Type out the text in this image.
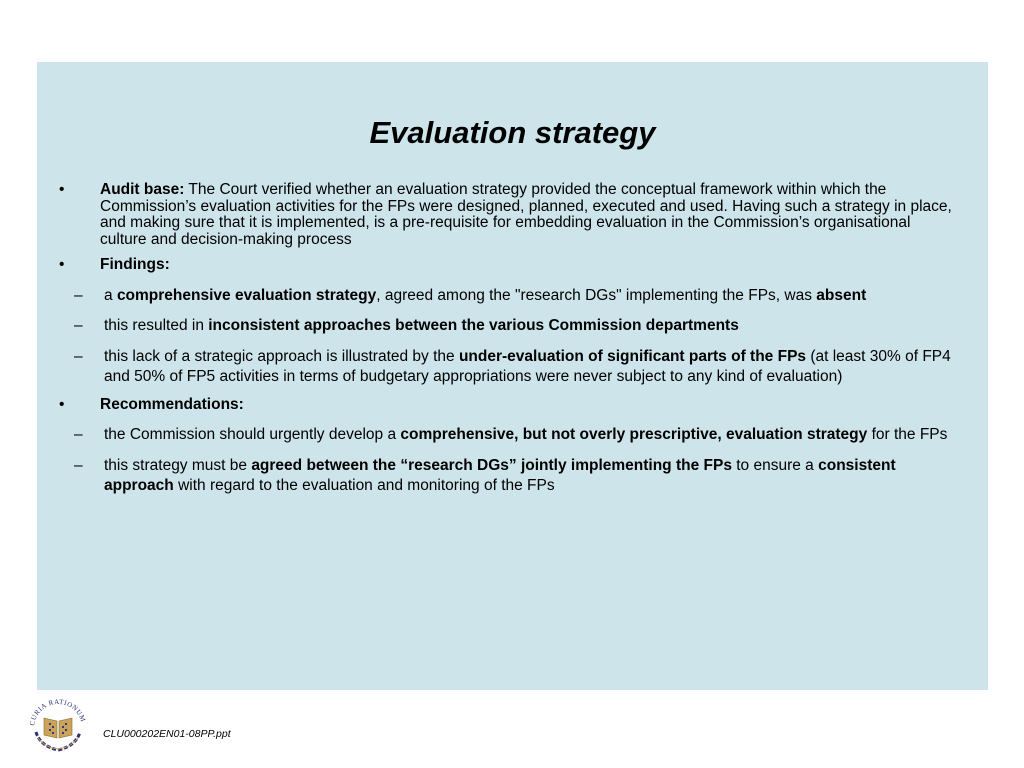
Evaluation strategy
• Audit base: The Court verified whether an evaluation strategy provided the conceptual framework within which the Commission’s evaluation activities for the FPs were designed, planned, executed and used. Having such a strategy in place, and making sure that it is implemented, is a pre-requisite for embedding evaluation in the Commission’s organisational culture and decision-making process
• Findings:
– a comprehensive evaluation strategy, agreed among the "research DGs" implementing the FPs, was absent
– this resulted in inconsistent approaches between the various Commission departments
– this lack of a strategic approach is illustrated by the under-evaluation of significant parts of the FPs (at least 30% of FP4 and 50% of FP5 activities in terms of budgetary appropriations were never subject to any kind of evaluation)
• Recommendations:
– the Commission should urgently develop a comprehensive, but not overly prescriptive, evaluation strategy for the FPs
– this strategy must be agreed between the “research DGs” jointly implementing the FPs to ensure a consistent approach with regard to the evaluation and monitoring of the FPs
CURIA RATIONUM
CLU000202EN01-08PP.ppt
